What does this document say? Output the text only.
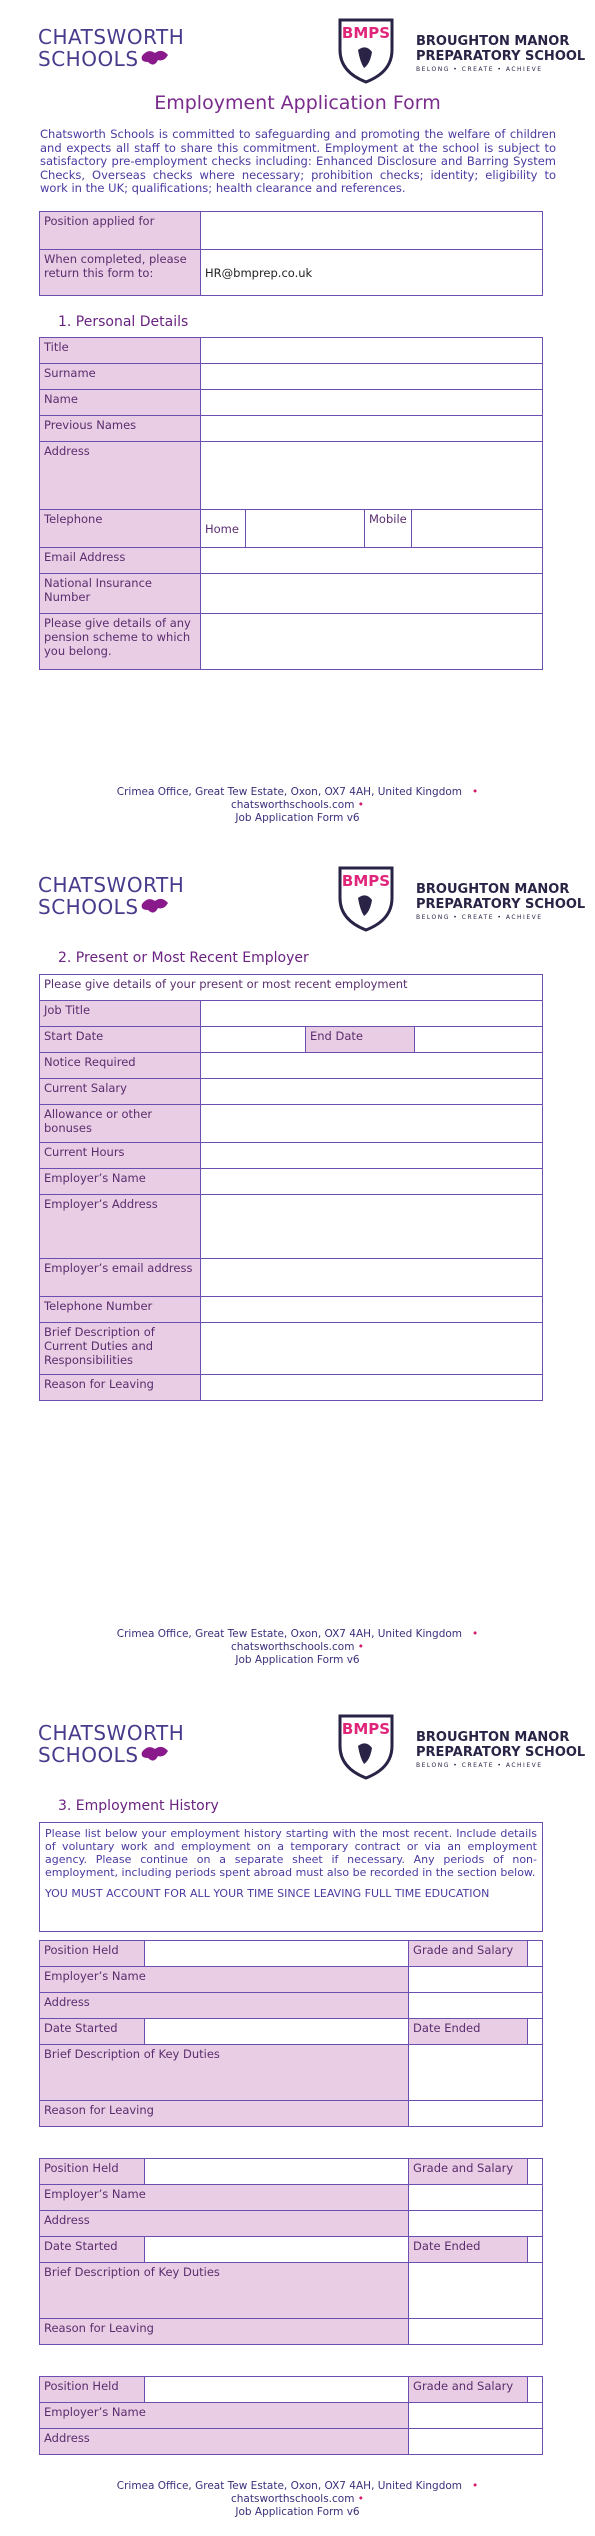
CHATSWORTH
SCHOOLS
BMPS BROUGHTON MANOR
PREPARATORY SCHOOL
BELONG • CREATE • ACHIEVE
Employment Application Form
Chatsworth Schools is committed to safeguarding and promoting the welfare of children and expects all staff to share this commitment. Employment at the school is subject to satisfactory pre-employment checks including: Enhanced Disclosure and Barring System Checks, Overseas checks where necessary; prohibition checks; identity; eligibility to work in the UK; qualifications; health clearance and references.
Position applied for	
When completed, please return this form to:	HR@bmprep.co.uk
1. Personal Details
Title				
Surname				
Name				
Previous Names				
Address				
Telephone	Home		Mobile	
Email Address				
National Insurance Number				
Please give details of any pension scheme to which you belong.				
Crimea Office, Great Tew Estate, Oxon, OX7 4AH, United Kingdom •
chatsworthschools.com •
Job Application Form v6
CHATSWORTH
SCHOOLS
BMPS BROUGHTON MANOR
PREPARATORY SCHOOL
BELONG • CREATE • ACHIEVE
2. Present or Most Recent Employer
Please give details of your present or most recent employment			
Job Title			
Start Date		End Date	
Notice Required			
Current Salary			
Allowance or other bonuses			
Current Hours			
Employer’s Name			
Employer’s Address			
Employer’s email address			
Telephone Number			
Brief Description of Current Duties and Responsibilities			
Reason for Leaving			
Crimea Office, Great Tew Estate, Oxon, OX7 4AH, United Kingdom •
chatsworthschools.com •
Job Application Form v6
CHATSWORTH
SCHOOLS
BMPS BROUGHTON MANOR
PREPARATORY SCHOOL
BELONG • CREATE • ACHIEVE
3. Employment History
Please list below your employment history starting with the most recent. Include details of voluntary work and employment on a temporary contract or via an employment agency. Please continue on a separate sheet if necessary. Any periods of non-employment, including periods spent abroad must also be recorded in the section below.
YOU MUST ACCOUNT FOR ALL YOUR TIME SINCE LEAVING FULL TIME EDUCATION
Position Held		Grade and Salary	
Employer’s Name			
Address			
Date Started		Date Ended	
Brief Description of Key Duties			
Reason for Leaving			
Position Held		Grade and Salary	
Employer’s Name			
Address			
Date Started		Date Ended	
Brief Description of Key Duties			
Reason for Leaving			
Position Held		Grade and Salary	
Employer’s Name			
Address			
Crimea Office, Great Tew Estate, Oxon, OX7 4AH, United Kingdom •
chatsworthschools.com •
Job Application Form v6
